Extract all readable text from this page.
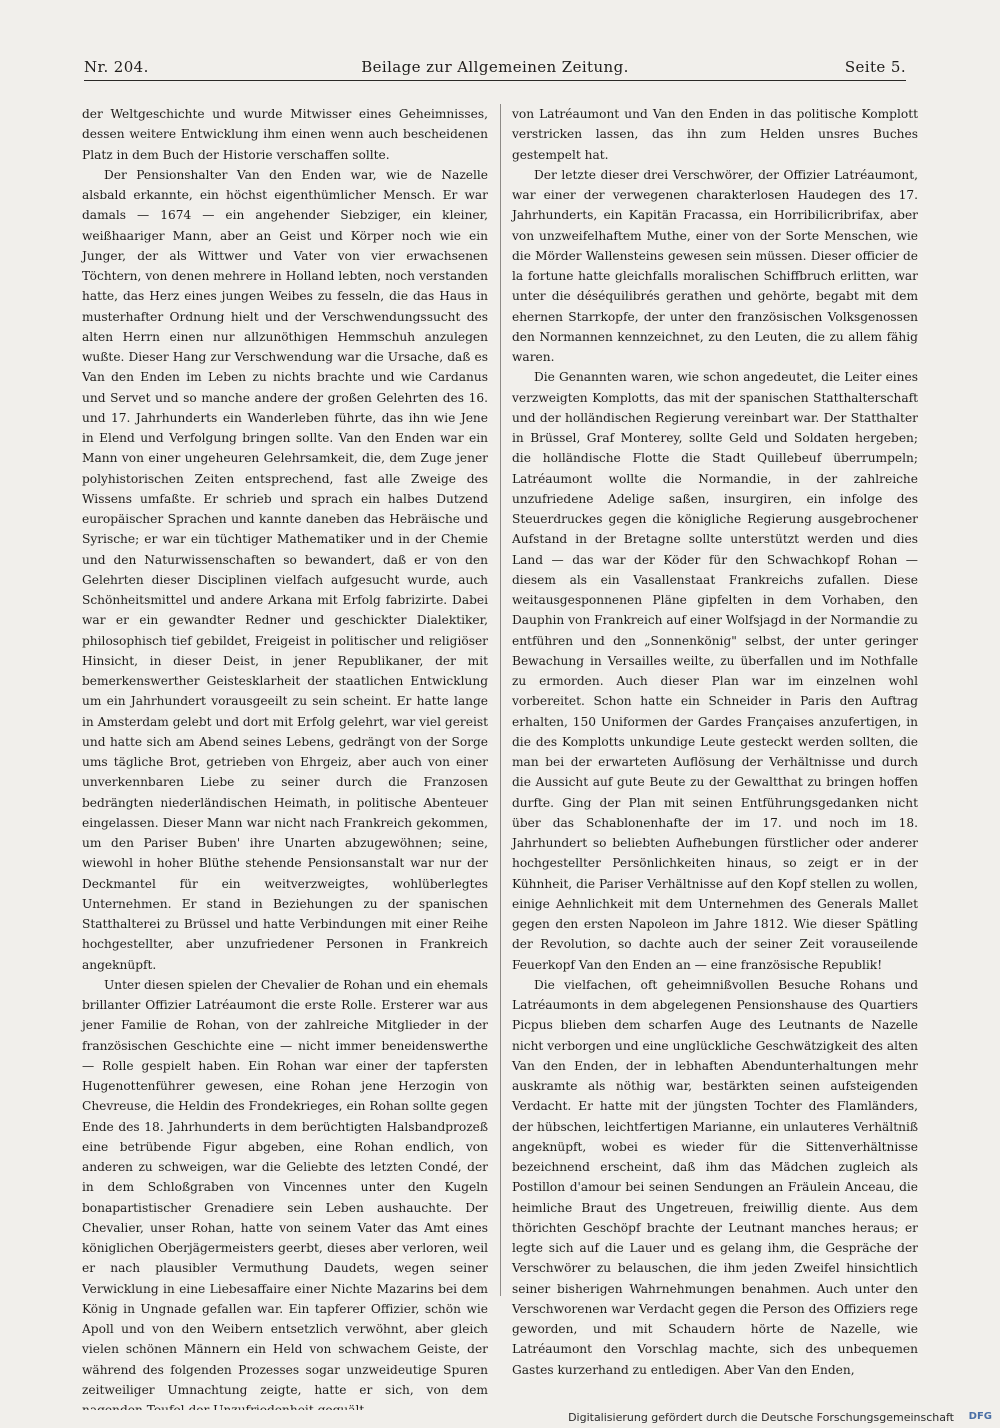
Nr. 204.	Beilage zur Allgemeinen Zeitung.	Seite 5.

der Weltgeschichte und wurde Mitwisser eines Geheimnisses, dessen weitere Entwicklung ihm einen wenn auch bescheidenen Platz in dem Buch der Historie verschaffen sollte.

Der Pensionshalter Van den Enden war, wie de Nazelle alsbald erkannte, ein höchst eigenthümlicher Mensch. Er war damals — 1674 — ein angehender Siebziger, ein kleiner, weißhaariger Mann, aber an Geist und Körper noch wie ein Junger, der als Wittwer und Vater von vier erwachsenen Töchtern, von denen mehrere in Holland lebten, noch verstanden hatte, das Herz eines jungen Weibes zu fesseln, die das Haus in musterhafter Ordnung hielt und der Verschwendungssucht des alten Herrn einen nur allzunöthigen Hemmschuh anzulegen wußte. Dieser Hang zur Verschwendung war die Ursache, daß es Van den Enden im Leben zu nichts brachte und wie Cardanus und Servet und so manche andere der großen Gelehrten des 16. und 17. Jahrhunderts ein Wanderleben führte, das ihn wie Jene in Elend und Verfolgung bringen sollte. Van den Enden war ein Mann von einer ungeheuren Gelehrsamkeit, die, dem Zuge jener polyhistorischen Zeiten entsprechend, fast alle Zweige des Wissens umfaßte. Er schrieb und sprach ein halbes Dutzend europäischer Sprachen und kannte daneben das Hebräische und Syrische; er war ein tüchtiger Mathematiker und in der Chemie und den Naturwissenschaften so bewandert, daß er von den Gelehrten dieser Disciplinen vielfach aufgesucht wurde, auch Schönheitsmittel und andere Arkana mit Erfolg fabrizirte. Dabei war er ein gewandter Redner und geschickter Dialektiker, philosophisch tief gebildet, Freigeist in politischer und religiöser Hinsicht, in dieser Deist, in jener Republikaner, der mit bemerkenswerther Geistesklarheit der staatlichen Entwicklung um ein Jahrhundert vorausgeeilt zu sein scheint. Er hatte lange in Amsterdam gelebt und dort mit Erfolg gelehrt, war viel gereist und hatte sich am Abend seines Lebens, gedrängt von der Sorge ums tägliche Brot, getrieben von Ehrgeiz, aber auch von einer unverkennbaren Liebe zu seiner durch die Franzosen bedrängten niederländischen Heimath, in politische Abenteuer eingelassen. Dieser Mann war nicht nach Frankreich gekommen, um den Pariser Buben' ihre Unarten abzugewöhnen; seine, wiewohl in hoher Blüthe stehende Pensionsanstalt war nur der Deckmantel für ein weitverzweigtes, wohlüberlegtes Unternehmen. Er stand in Beziehungen zu der spanischen Statthalterei zu Brüssel und hatte Verbindungen mit einer Reihe hochgestellter, aber unzufriedener Personen in Frankreich angeknüpft.

Unter diesen spielen der Chevalier de Rohan und ein ehemals brillanter Offizier Latréaumont die erste Rolle. Ersterer war aus jener Familie de Rohan, von der zahlreiche Mitglieder in der französischen Geschichte eine — nicht immer beneidenswerthe — Rolle gespielt haben. Ein Rohan war einer der tapfersten Hugenottenführer gewesen, eine Rohan jene Herzogin von Chevreuse, die Heldin des Frondekrieges, ein Rohan sollte gegen Ende des 18. Jahrhunderts in dem berüchtigten Halsbandprozeß eine betrübende Figur abgeben, eine Rohan endlich, von anderen zu schweigen, war die Geliebte des letzten Condé, der in dem Schloßgraben von Vincennes unter den Kugeln bonapartistischer Grenadiere sein Leben aushauchte. Der Chevalier, unser Rohan, hatte von seinem Vater das Amt eines königlichen Oberjägermeisters geerbt, dieses aber verloren, weil er nach plausibler Vermuthung Daudets, wegen seiner Verwicklung in eine Liebesaffaire einer Nichte Mazarins bei dem König in Ungnade gefallen war. Ein tapferer Offizier, schön wie Apoll und von den Weibern entsetzlich verwöhnt, aber gleich vielen schönen Männern ein Held von schwachem Geiste, der während des folgenden Prozesses sogar unzweideutige Spuren zeitweiliger Umnachtung zeigte, hatte er sich, von dem

von Latréaumont und Van den Enden in das politische Komplott verstricken lassen, das ihn zum Helden unsres Buches gestempelt hat.

Der letzte dieser drei Verschwörer, der Offizier Latréaumont, war einer der verwegenen charakterlosen Haudegen des 17. Jahrhunderts, ein Kapitän Fracassa, ein Horribilicribrifax, aber von unzweifelhaftem Muthe, einer von der Sorte Menschen, wie die Mörder Wallensteins gewesen sein müssen. Dieser officier de la fortune hatte gleichfalls moralischen Schiffbruch erlitten, war unter die déséquilibrés gerathen und gehörte, begabt mit dem ehernen Starrkopfe, der unter den französischen Volksgenossen den Normannen kennzeichnet, zu den Leuten, die zu allem fähig waren.

Die Genannten waren, wie schon angedeutet, die Leiter eines verzweigten Komplotts, das mit der spanischen Statthalterschaft und der holländischen Regierung vereinbart war. Der Statthalter in Brüssel, Graf Monterey, sollte Geld und Soldaten hergeben; die holländische Flotte die Stadt Quillebeuf überrumpeln; Latréaumont wollte die Normandie, in der zahlreiche unzufriedene Adelige saßen, insurgiren, ein infolge des Steuerdruckes gegen die königliche Regierung ausgebrochener Aufstand in der Bretagne sollte unterstützt werden und dies Land — das war der Köder für den Schwachkopf Rohan — diesem als ein Vasallenstaat Frankreichs zufallen. Diese weitausgesponnenen Pläne gipfelten in dem Vorhaben, den Dauphin von Frankreich auf einer Wolfsjagd in der Normandie zu entführen und den „Sonnenkönig" selbst, der unter geringer Bewachung in Versailles weilte, zu überfallen und im Nothfalle zu ermorden. Auch dieser Plan war im einzelnen wohl vorbereitet. Schon hatte ein Schneider in Paris den Auftrag erhalten, 150 Uniformen der Gardes Françaises anzufertigen, in die des Komplotts unkundige Leute gesteckt werden sollten, die man bei der erwarteten Auflösung der Verhältnisse und durch die Aussicht auf gute Beute zu der Gewaltthat zu bringen hoffen durfte. Ging der Plan mit seinen Entführungsgedanken nicht über das Schablonenhafte der im 17. und noch im 18. Jahrhundert so beliebten Aufhebungen fürstlicher oder anderer hochgestellter Persönlichkeiten hinaus, so zeigt er in der Kühnheit, die Pariser Verhältnisse auf den Kopf stellen zu wollen, einige Aehnlichkeit mit dem Unternehmen des Generals Mallet gegen den ersten Napoleon im Jahre 1812. Wie dieser Spätling der Revolution, so dachte auch der seiner Zeit vorauseilende Feuerkopf Van den Enden an — eine französische Republik!

Die vielfachen, oft geheimnißvollen Besuche Rohans und Latréaumonts in dem abgelegenen Pensionshause des Quartiers Picpus blieben dem scharfen Auge des Leutnants de Nazelle nicht verborgen und eine unglückliche Geschwätzigkeit des alten Van den Enden, der in lebhaften Abendunterhaltungen mehr auskramte als nöthig war, bestärkten seinen aufsteigenden Verdacht. Er hatte mit der jüngsten Tochter des Flamländers, der hübschen, leichtfertigen Marianne, ein unlauteres Verhältniß angeknüpft, wobei es wieder für die Sittenverhältnisse bezeichnend erscheint, daß ihm das Mädchen zugleich als Postillon d'amour bei seinen Sendungen an Fräulein Anceau, die heimliche Braut des Ungetreuen, freiwillig diente. Aus dem thörichten Geschöpf brachte der Leutnant manches heraus; er legte sich auf die Lauer und es gelang ihm, die Gespräche der Verschwörer zu belauschen, die ihm jeden Zweifel hinsichtlich seiner bisherigen Wahrnehmungen benahmen. Auch unter den Verschworenen war Verdacht gegen die Person des Offiziers rege geworden, und mit Schaudern hörte de Nazelle, wie Latréaumont den Vorschlag machte, sich des unbequemen Gastes kurzerhand zu entledigen. Aber Van den Enden,

Digitalisierung gefördert durch die Deutsche Forschungsgemeinschaft DFG
